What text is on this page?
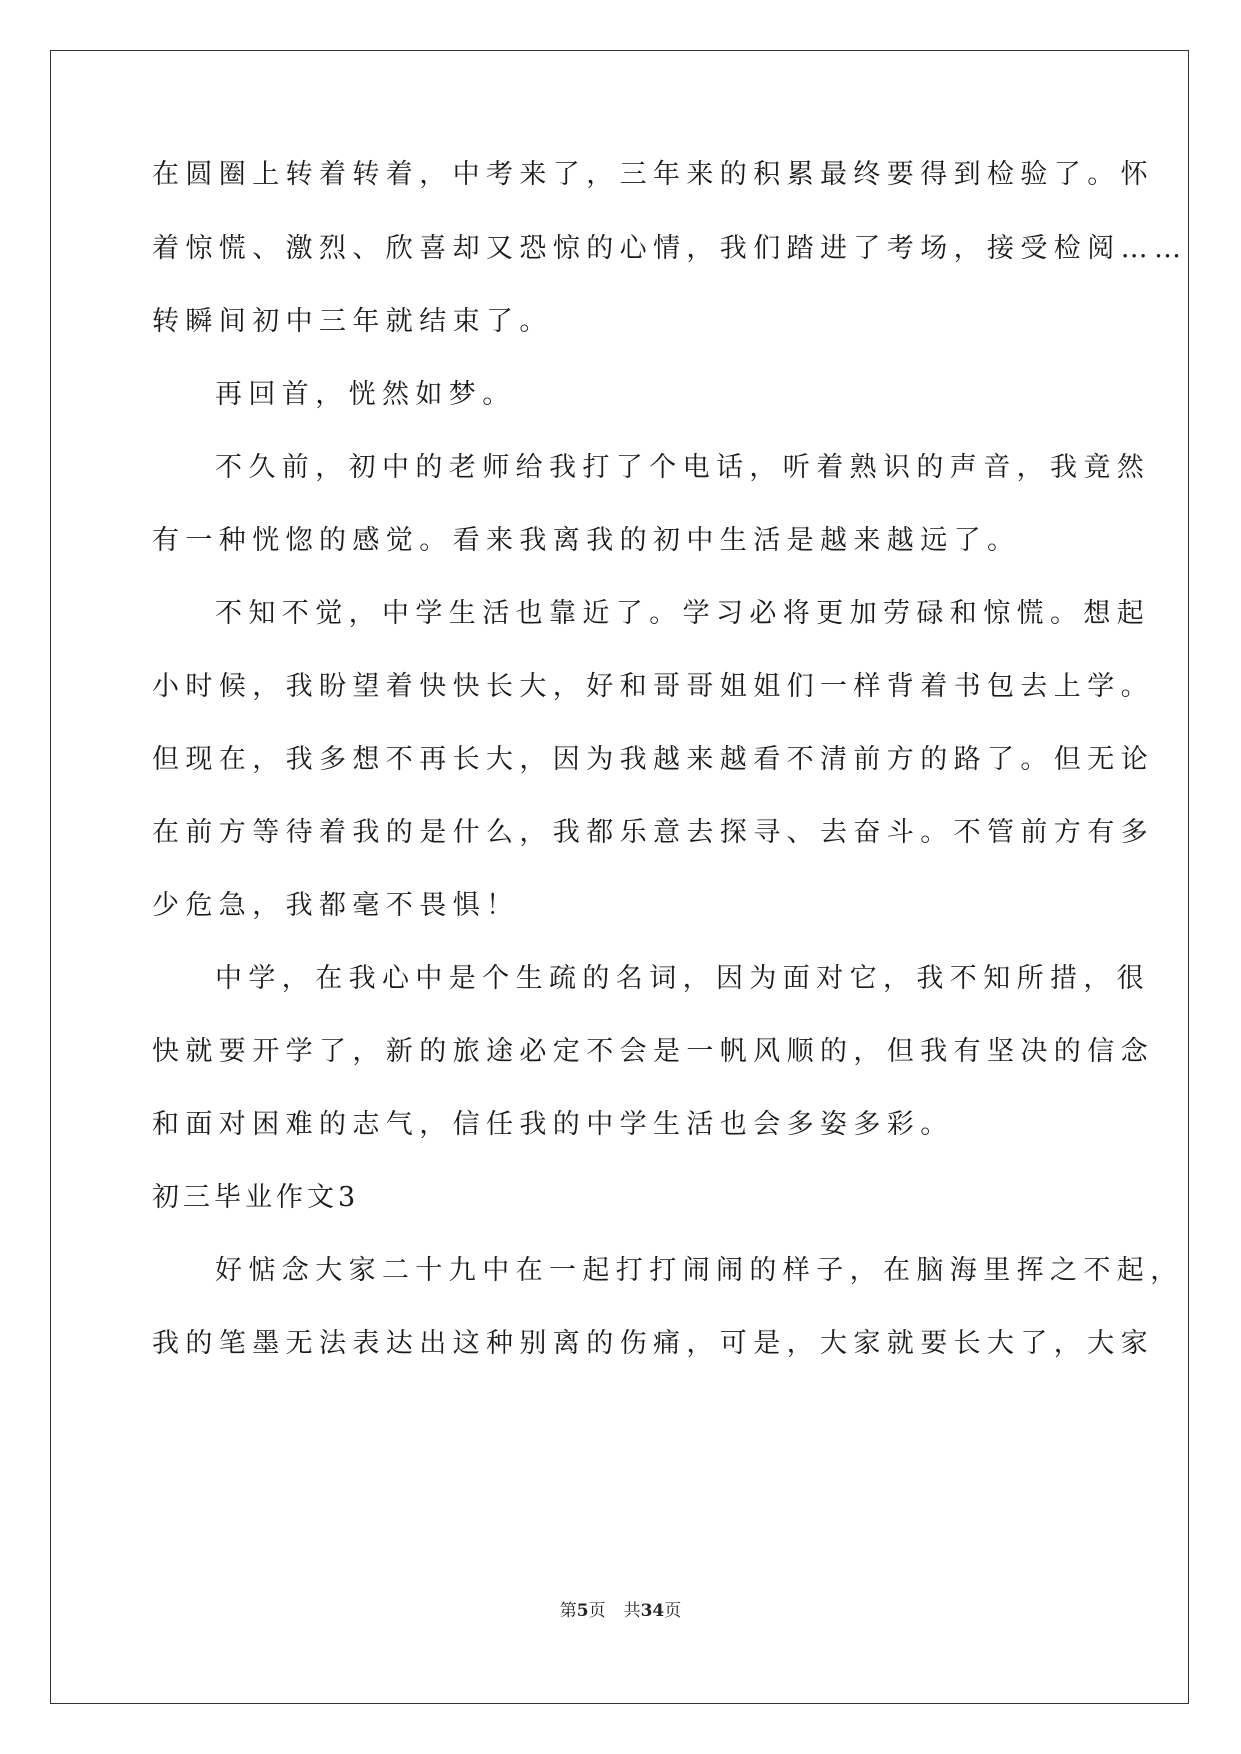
在圆圈上转着转着，中考来了，三年来的积累最终要得到检验了。怀
着惊慌、激烈、欣喜却又恐惊的心情，我们踏进了考场，接受检阅……
转瞬间初中三年就结束了。
再回首，恍然如梦。
不久前，初中的老师给我打了个电话，听着熟识的声音，我竟然
有一种恍惚的感觉。看来我离我的初中生活是越来越远了。
不知不觉，中学生活也靠近了。学习必将更加劳碌和惊慌。想起
小时候，我盼望着快快长大，好和哥哥姐姐们一样背着书包去上学。
但现在，我多想不再长大，因为我越来越看不清前方的路了。但无论
在前方等待着我的是什么，我都乐意去探寻、去奋斗。不管前方有多
少危急，我都毫不畏惧！
中学，在我心中是个生疏的名词，因为面对它，我不知所措，很
快就要开学了，新的旅途必定不会是一帆风顺的，但我有坚决的信念
和面对困难的志气，信任我的中学生活也会多姿多彩。
初三毕业作文3
好惦念大家二十九中在一起打打闹闹的样子，在脑海里挥之不起，
我的笔墨无法表达出这种别离的伤痛，可是，大家就要长大了，大家
第5页 共34页
